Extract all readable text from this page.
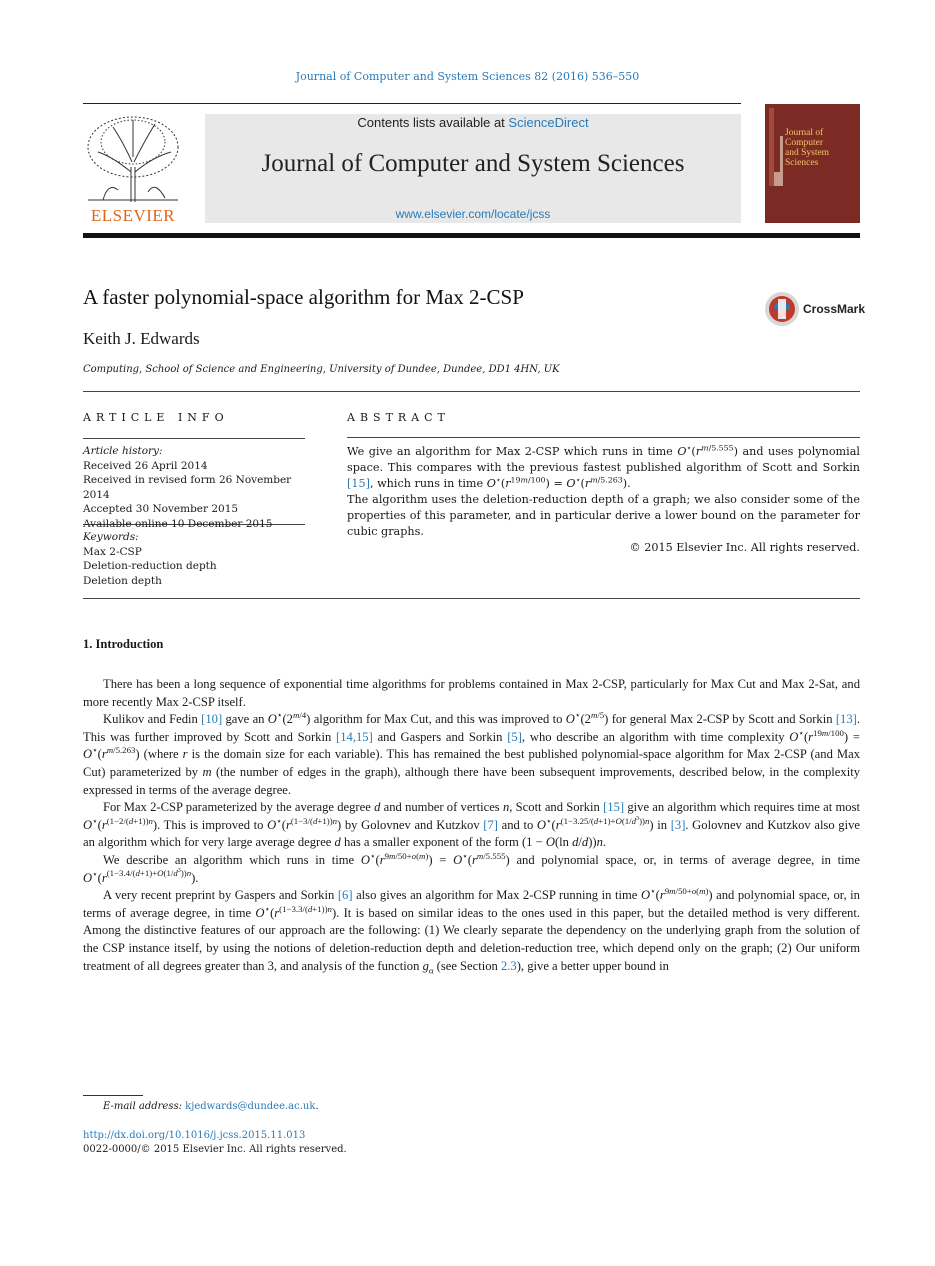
Journal of Computer and System Sciences 82 (2016) 536–550
ELSEVIER
Contents lists available at ScienceDirect
Journal of Computer and System Sciences
www.elsevier.com/locate/jcss
Journal of
Computer
and System
Sciences
A faster polynomial-space algorithm for Max 2-CSP	CrossMark
Keith J. Edwards
Computing, School of Science and Engineering, University of Dundee, Dundee, DD1 4HN, UK
ARTICLE INFO	ABSTRACT
Article history:
Received 26 April 2014
Received in revised form 26 November 2014
Accepted 30 November 2015
Available online 10 December 2015
Keywords:
Max 2-CSP
Deletion-reduction depth
Deletion depth

We give an algorithm for Max 2-CSP which runs in time $O^⋆(r^{m/5.555})$ and uses polynomial space. This compares with the previous fastest published algorithm of Scott and Sorkin [15], which runs in time $O^⋆(r^{19m/100}) = O^⋆(r^{m/5.263})$.

The algorithm uses the deletion-reduction depth of a graph; we also consider some of the properties of this parameter, and in particular derive a lower bound on the parameter for cubic graphs.

© 2015 Elsevier Inc. All rights reserved.

1. Introduction

There has been a long sequence of exponential time algorithms for problems contained in Max 2-CSP, particularly for Max Cut and Max 2-Sat, and more recently Max 2-CSP itself.

Kulikov and Fedin [10] gave an $O^⋆(2^{m/4})$ algorithm for Max Cut, and this was improved to $O^⋆(2^{m/5})$ for general Max 2-CSP by Scott and Sorkin [13]. This was further improved by Scott and Sorkin [14,15] and Gaspers and Sorkin [5], who describe an algorithm with time complexity $O^⋆(r^{19m/100}) = O^⋆(r^{m/5.263})$ (where r is the domain size for each variable). This has remained the best published polynomial-space algorithm for Max 2-CSP (and Max Cut) parameterized by m (the number of edges in the graph), although there have been subsequent improvements, described below, in the complexity expressed in terms of the average degree.

For Max 2-CSP parameterized by the average degree d and number of vertices n, Scott and Sorkin [15] give an algorithm which requires time at most $O^⋆(r^{(1-2/(d+1))n})$. This is improved to $O^⋆(r^{(1-3/(d+1))n})$ by Golovnev and Kutzkov [7] and to $O^⋆(r^{(1-3.25/(d+1)+O(1/d^3))n})$ in [3]. Golovnev and Kutzkov also give an algorithm which for very large average degree d has a smaller exponent of the form (1 − O(ln d/d))n.

We describe an algorithm which runs in time $O^⋆(r^{9m/50+o(m)}) = O^⋆(r^{m/5.555})$ and polynomial space, or, in terms of average degree, in time $O^⋆(r^{(1-3.4/(d+1)+O(1/d^3))n})$.

A very recent preprint by Gaspers and Sorkin [6] also gives an algorithm for Max 2-CSP running in time $O^⋆(r^{9m/50+o(m)})$ and polynomial space, or, in terms of average degree, in time $O^⋆(r^{(1-3.3/(d+1))n})$. It is based on similar ideas to the ones used in this paper, but the detailed method is very different. Among the distinctive features of our approach are the following: (1) We clearly separate the dependency on the underlying graph from the solution of the CSP instance itself, by using the notions of deletion-reduction depth and deletion-reduction tree, which depend only on the graph; (2) Our uniform treatment of all degrees greater than 3, and analysis of the function $g_\alpha$ (see Section 2.3), give a better upper bound in

E-mail address: kjedwards@dundee.ac.uk.
http://dx.doi.org/10.1016/j.jcss.2015.11.013
0022-0000/© 2015 Elsevier Inc. All rights reserved.
